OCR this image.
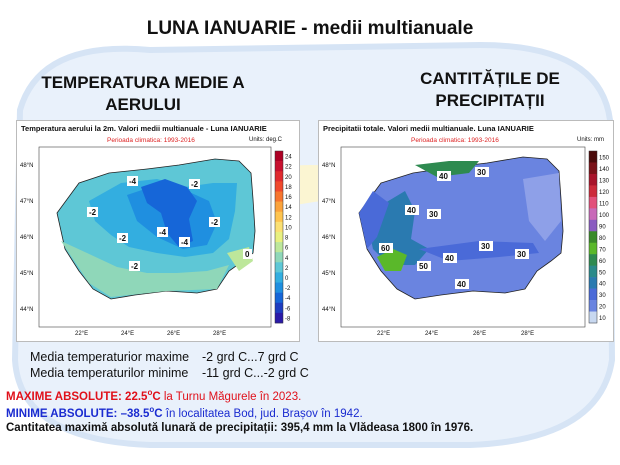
LUNA IANUARIE - medii multianuale
TEMPERATURA MEDIE A AERULUI
CANTITĂȚILE DE PRECIPITAȚII
Temperatura aerului la 2m. Valori medii multianuale - Luna IANUARIE
Perioada climatica: 1993-2016	Units: deg.C
48°N
47°N
46°N
45°N
44°N
22°E	24°E	26°E	28°E
-4
-2
-2
-2
-4
-4
-2
-2
0
24
22
20
18
16
14
12
10
8
6
4
2
0
-2
-4
-6
-8
Precipitatii totale. Valori medii multianuale. Luna IANUARIE
Perioada climatica: 1993-2016	Units: mm
48°N
47°N
46°N
45°N
44°N
22°E	24°E	26°E	28°E
40
40 30
30
30
60
50
40
30
40
150
140
130
120
110
100
90
80
70
60
50
40
30
20
10
Media temperaturior maxime	-2 grd C...7 grd C
Media temperaturilor minime	-11 grd C...-2 grd C
MAXIME ABSOLUTE: 22.5$^o$C la Turnu Măgurele în 2023.
MINIME ABSOLUTE: –38.5$^o$C în localitatea Bod, jud. Brașov în 1942.
Cantitatea maximă absolută lunară de precipitații: 395,4 mm la Vlădeasa 1800 în 1976.
